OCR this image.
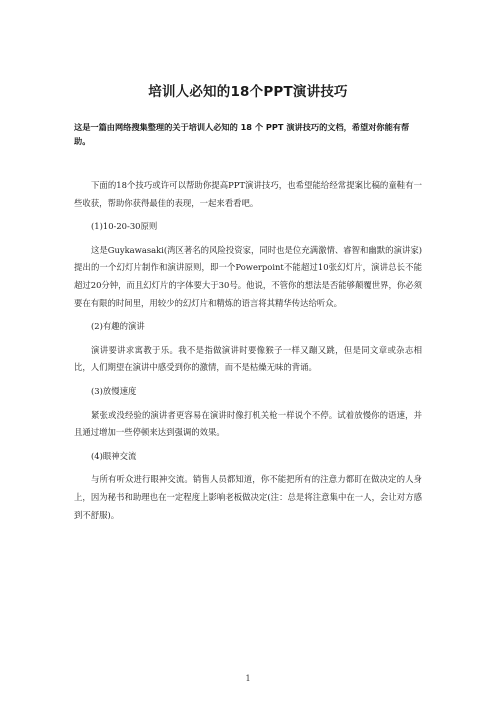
培训人必知的18个PPT演讲技巧
这是一篇由网络搜集整理的关于培训人必知的 18 个 PPT 演讲技巧的文档，希望对你能有帮助。

下面的18个技巧或许可以帮助你提高PPT演讲技巧，也希望能给经常提案比稿的童鞋有一些收获，帮助你获得最佳的表现，一起来看看吧。

(1)10-20-30原则

这是Guykawasaki(湾区著名的风险投资家，同时也是位充满激情、睿智和幽默的演讲家)提出的一个幻灯片制作和演讲原则，即一个Powerpoint不能超过10张幻灯片，演讲总长不能超过20分钟，而且幻灯片的字体要大于30号。他说，不管你的想法是否能够颠覆世界，你必须要在有限的时间里，用较少的幻灯片和精炼的语言将其精华传达给听众。

(2)有趣的演讲

演讲要讲求寓教于乐。我不是指做演讲时要像猴子一样又蹦又跳，但是同文章或杂志相比，人们期望在演讲中感受到你的激情，而不是枯燥无味的背诵。

(3)放慢速度

紧张或没经验的演讲者更容易在演讲时像打机关枪一样说个不停。试着放慢你的语速，并且通过增加一些停顿来达到强调的效果。

(4)眼神交流

与所有听众进行眼神交流。销售人员都知道，你不能把所有的注意力都盯在做决定的人身上，因为秘书和助理也在一定程度上影响老板做决定(注：总是将注意集中在一人，会让对方感到不舒服)。

1
